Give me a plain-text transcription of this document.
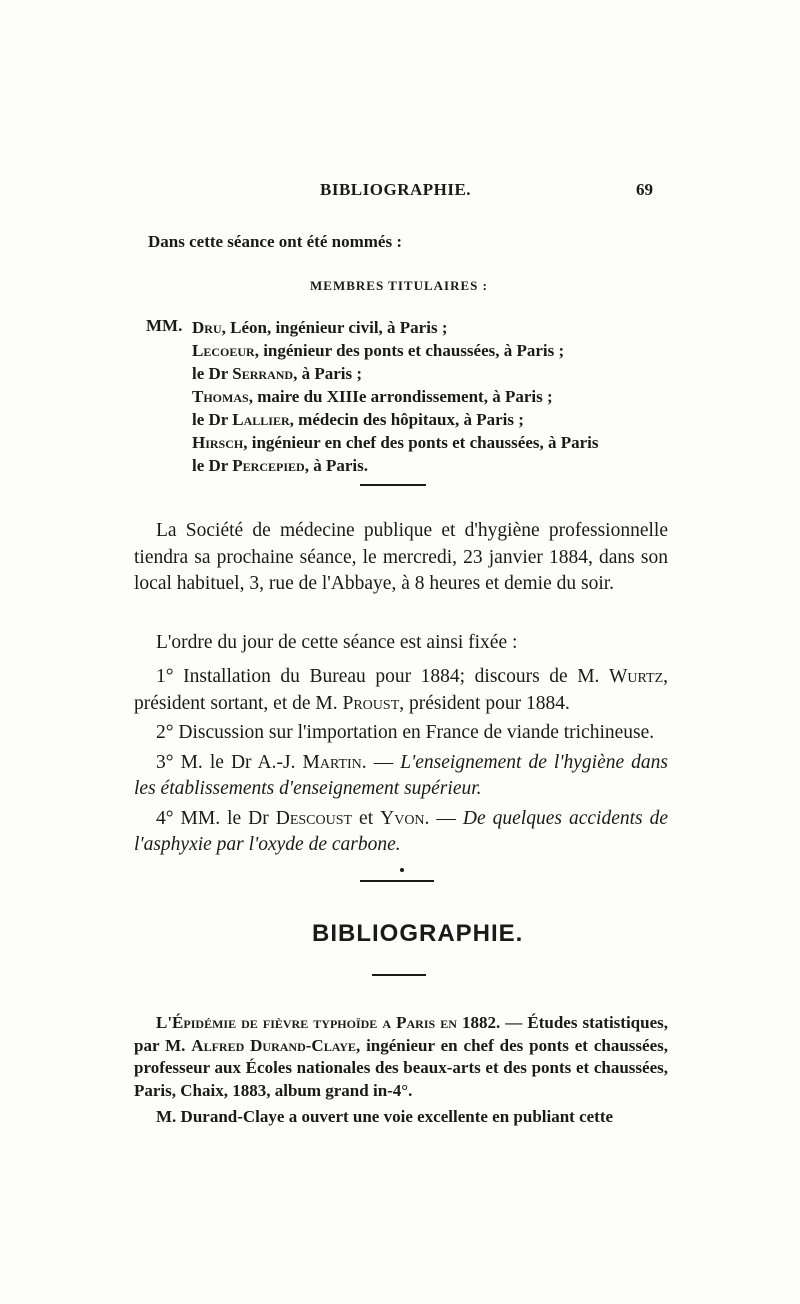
BIBLIOGRAPHIE.	69
Dans cette séance ont été nommés :
MEMBRES TITULAIRES :
MM. Dru, Léon, ingénieur civil, à Paris ;
Lecoeur, ingénieur des ponts et chaussées, à Paris ;
le Dr Serrand, à Paris ;
Thomas, maire du XIIIe arrondissement, à Paris ;
le Dr Lallier, médecin des hôpitaux, à Paris ;
Hirsch, ingénieur en chef des ponts et chaussées, à Paris
le Dr Percepied, à Paris.
La Société de médecine publique et d'hygiène professionnelle tiendra sa prochaine séance, le mercredi, 23 janvier 1884, dans son local habituel, 3, rue de l'Abbaye, à 8 heures et demie du soir.
L'ordre du jour de cette séance est ainsi fixée :
1° Installation du Bureau pour 1884; discours de M. Wurtz, président sortant, et de M. Proust, président pour 1884.
2° Discussion sur l'importation en France de viande trichineuse.
3° M. le Dr A.-J. Martin. — L'enseignement de l'hygiène dans les établissements d'enseignement supérieur.
4° MM. le Dr Descoust et Yvon. — De quelques accidents de l'asphyxie par l'oxyde de carbone.
BIBLIOGRAPHIE.
L'Épidémie de fièvre typhoïde a Paris en 1882. — Études statistiques, par M. Alfred Durand-Claye, ingénieur en chef des ponts et chaussées, professeur aux Écoles nationales des beaux-arts et des ponts et chaussées, Paris, Chaix, 1883, album grand in-4°.
M. Durand-Claye a ouvert une voie excellente en publiant cette
